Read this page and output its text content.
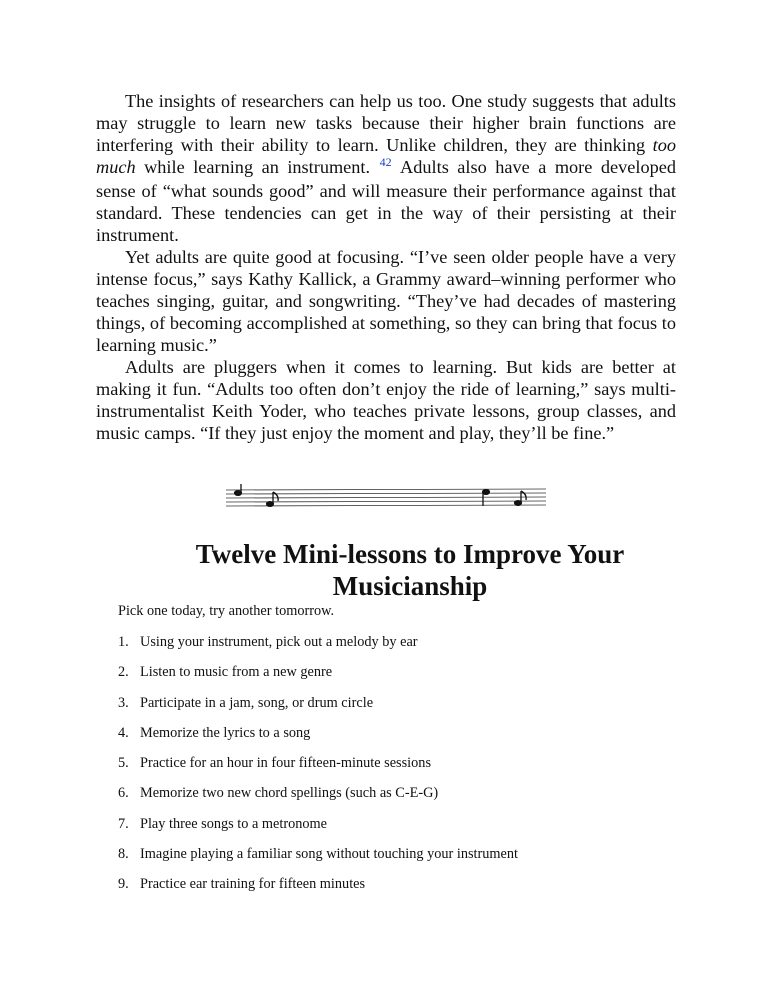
The insights of researchers can help us too. One study suggests that adults may struggle to learn new tasks because their higher brain functions are interfering with their ability to learn. Unlike children, they are thinking too much while learning an instrument. $^{42}$ Adults also have a more developed sense of “what sounds good” and will measure their performance against that standard. These tendencies can get in the way of their persisting at their instrument.

Yet adults are quite good at focusing. “I’ve seen older people have a very intense focus,” says Kathy Kallick, a Grammy award–winning performer who teaches singing, guitar, and songwriting. “They’ve had decades of mastering things, of becoming accomplished at something, so they can bring that focus to learning music.”

Adults are pluggers when it comes to learning. But kids are better at making it fun. “Adults too often don’t enjoy the ride of learning,” says multi-instrumentalist Keith Yoder, who teaches private lessons, group classes, and music camps. “If they just enjoy the moment and play, they’ll be fine.”

Twelve Mini-lessons to Improve Your
Musicianship
Pick one today, try another tomorrow.
1. Using your instrument, pick out a melody by ear
2. Listen to music from a new genre
3. Participate in a jam, song, or drum circle
4. Memorize the lyrics to a song
5. Practice for an hour in four fifteen-minute sessions
6. Memorize two new chord spellings (such as C-E-G)
7. Play three songs to a metronome
8. Imagine playing a familiar song without touching your instrument
9. Practice ear training for fifteen minutes
